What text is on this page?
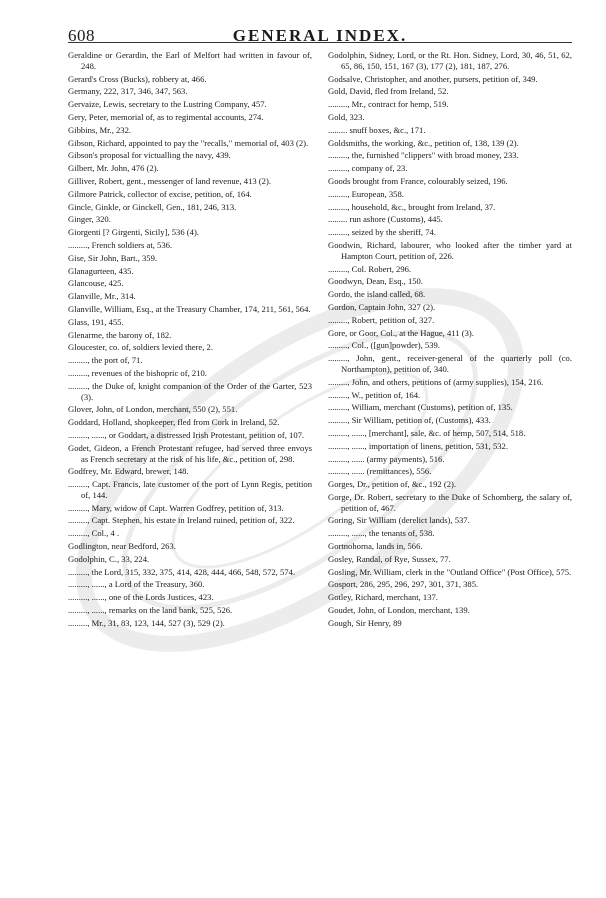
608	GENERAL INDEX.

Geraldine or Gerardin, the Earl of Melfort had written in favour of, 248.

Gerard's Cross (Bucks), robbery at, 466.

Germany, 222, 317, 346, 347, 563.

Gervaize, Lewis, secretary to the Lustring Company, 457.

Gery, Peter, memorial of, as to regimental accounts, 274.

Gibbins, Mr., 232.

Gibson, Richard, appointed to pay the "recalls," memorial of, 403 (2).

Gibson's proposal for victualling the navy, 439.

Gilbert, Mr. John, 476 (2).

Gilliver, Robert, gent., messenger of land revenue, 413 (2).

Gilmore Patrick, collector of excise, petition, of, 164.

Gincle, Ginkle, or Ginckell, Gen., 181, 246, 313.

Ginger, 320.

Giorgenti [? Girgenti, Sicily], 536 (4).

........., French soldiers at, 536.

Gise, Sir John, Bart., 359.

Glanagurteen, 435.

Glancouse, 425.

Glanville, Mr., 314.

Glanville, William, Esq., at the Treasury Chamber, 174, 211, 561, 564.

Glass, 191, 455.

Glenarme, the barony of, 182.

Gloucester, co. of, soldiers levied there, 2.

........., the port of, 71.

........., revenues of the bishopric of, 210.

........., the Duke of, knight companion of the Order of the Garter, 523 (3).

Glover, John, of London, merchant, 550 (2), 551.

Goddard, Holland, shopkeeper, fled from Cork in Ireland, 52.

........., ......, or Goddart, a distressed Irish Protestant, petition of, 107.

Godet, Gideon, a French Protestant refugee, had served three envoys as French secretary at the risk of his life, &c., petition of, 298.

Godfrey, Mr. Edward, brewer, 148.

........., Capt. Francis, late customer of the port of Lynn Regis, petition of, 144.

........., Mary, widow of Capt. Warren Godfrey, petition of, 313.

........., Capt. Stephen, his estate in Ireland ruined, petition of, 322.

........., Col., 4 .

Godlington, near Bedford, 263.

Godolphin, C., 33, 224.

........., the Lord, 315, 332, 375, 414, 428, 444, 466, 548, 572, 574.

........., ......, a Lord of the Treasury, 360.

........., ......, one of the Lords Justices, 423.

........., ......, remarks on the land bank, 525, 526.

........., Mr., 31, 83, 123, 144, 527 (3), 529 (2).

Godolphin, Sidney, Lord, or the Rt. Hon. Sidney, Lord, 30, 46, 51, 62, 65, 86, 150, 151, 167 (3), 177 (2), 181, 187, 276.

Godsalve, Christopher, and another, pursers, petition of, 349.

Gold, David, fled from Ireland, 52.

........., Mr., contract for hemp, 519.

Gold, 323.

......... snuff boxes, &c., 171.

Goldsmiths, the working, &c., petition of, 138, 139 (2).

........., the, furnished "clippers" with broad money, 233.

........., company of, 23.

Goods brought from France, colourably seized, 196.

........., European, 358.

........., household, &c., brought from Ireland, 37.

......... run ashore (Customs), 445.

........., seized by the sheriff, 74.

Goodwin, Richard, labourer, who looked after the timber yard at Hampton Court, petition of, 226.

........., Col. Robert, 296.

Goodwyn, Dean, Esq., 150.

Gordo, the island called, 68.

Gordon, Captain John, 327 (2).

........., Robert, petition of, 327.

Gore, or Goor, Col., at the Hague, 411 (3).

........., Col., ([gun]powder), 539.

........., John, gent., receiver-general of the quarterly poll (co. Northampton), petition of, 340.

........., John, and others, petitions of (army supplies), 154, 216.

........., W., petition of, 164.

........., William, merchant (Customs), petition of, 135.

........., Sir William, petition of, (Customs), 433.

........., ......, [merchant], sale, &c. of hemp, 507, 514, 518.

........., ......, importation of linens, petition, 531, 532.

........., ...... (army payments), 516.

........., ...... (remittances), 556.

Gorges, Dr., petition of, &c., 192 (2).

Gorge, Dr. Robert, secretary to the Duke of Schomberg, the salary of, petition of, 467.

Goring, Sir William (derelict lands), 537.

........., ......, the tenants of, 538.

Gortnohorna, lands in, 566.

Gosley, Randal, of Rye, Sussex, 77.

Gosling, Mr. William, clerk in the "Outland Office" (Post Office), 575.

Gosport, 286, 295, 296, 297, 301, 371, 385.

Gotley, Richard, merchant, 137.

Goudet, John, of London, merchant, 139.

Gough, Sir Henry, 89
